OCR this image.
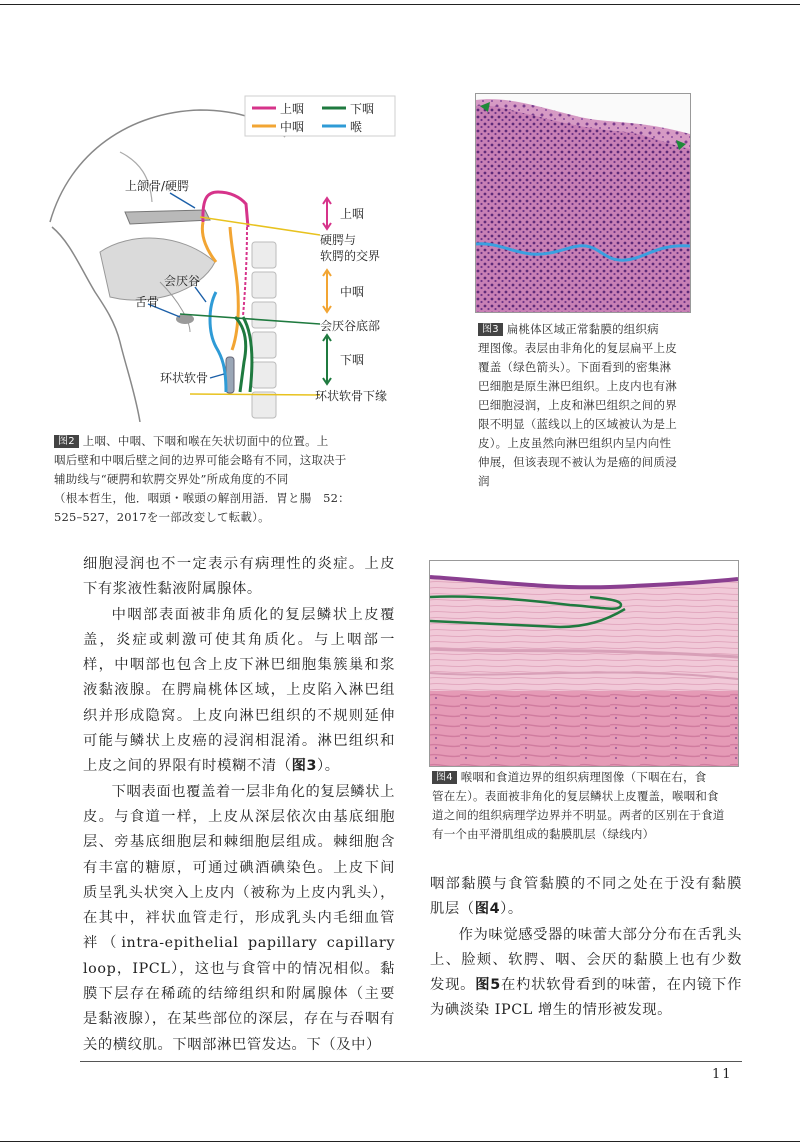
上咽	下咽
中咽	喉
上颌骨/硬腭
会厌谷
舌骨
环状软骨
上咽
硬腭与
软腭的交界
中咽
会厌谷底部
下咽
环状软骨下缘
图2 上咽、中咽、下咽和喉在矢状切面中的位置。上
咽后壁和中咽后壁之间的边界可能会略有不同，这取决于
辅助线与“硬腭和软腭交界处”所成角度的不同
（根本哲生，他．咽頭・喉頭の解剖用語．胃と腸　52：
525–527，2017を一部改変して転載）。
图3 扁桃体区域正常黏膜的组织病
理图像。表层由非角化的复层扁平上皮
覆盖（绿色箭头）。下面看到的密集淋
巴细胞是原生淋巴组织。上皮内也有淋
巴细胞浸润，上皮和淋巴组织之间的界
限不明显（蓝线以上的区域被认为是上
皮）。上皮虽然向淋巴组织内呈内向性
伸展，但该表现不被认为是癌的间质浸
润
图4 喉咽和食道边界的组织病理图像（下咽在右，食
管在左）。表面被非角化的复层鳞状上皮覆盖，喉咽和食
道之间的组织病理学边界并不明显。两者的区别在于食道
有一个由平滑肌组成的黏膜肌层（绿线内）

细胞浸润也不一定表示有病理性的炎症。上皮下有浆液性黏液附属腺体。

中咽部表面被非角质化的复层鳞状上皮覆盖，炎症或刺激可使其角质化。与上咽部一样，中咽部也包含上皮下淋巴细胞集簇巢和浆液黏液腺。在腭扁桃体区域，上皮陷入淋巴组织并形成隐窝。上皮向淋巴组织的不规则延伸可能与鳞状上皮癌的浸润相混淆。淋巴组织和上皮之间的界限有时模糊不清（图3）。

下咽表面也覆盖着一层非角化的复层鳞状上皮。与食道一样，上皮从深层依次由基底细胞层、旁基底细胞层和棘细胞层组成。棘细胞含有丰富的糖原，可通过碘酒碘染色。上皮下间质呈乳头状突入上皮内（被称为上皮内乳头），在其中，袢状血管走行，形成乳头内毛细血管袢（intra-epithelial papillary capillary loop，IPCL），这也与食管中的情况相似。黏膜下层存在稀疏的结缔组织和附属腺体（主要是黏液腺），在某些部位的深层，存在与吞咽有关的横纹肌。下咽部淋巴管发达。下（及中）

咽部黏膜与食管黏膜的不同之处在于没有黏膜肌层（图4）。

作为味觉感受器的味蕾大部分分布在舌乳头上、脸颊、软腭、咽、会厌的黏膜上也有少数发现。图5在杓状软骨看到的味蕾，在内镜下作为碘淡染 IPCL 增生的情形被发现。

11
